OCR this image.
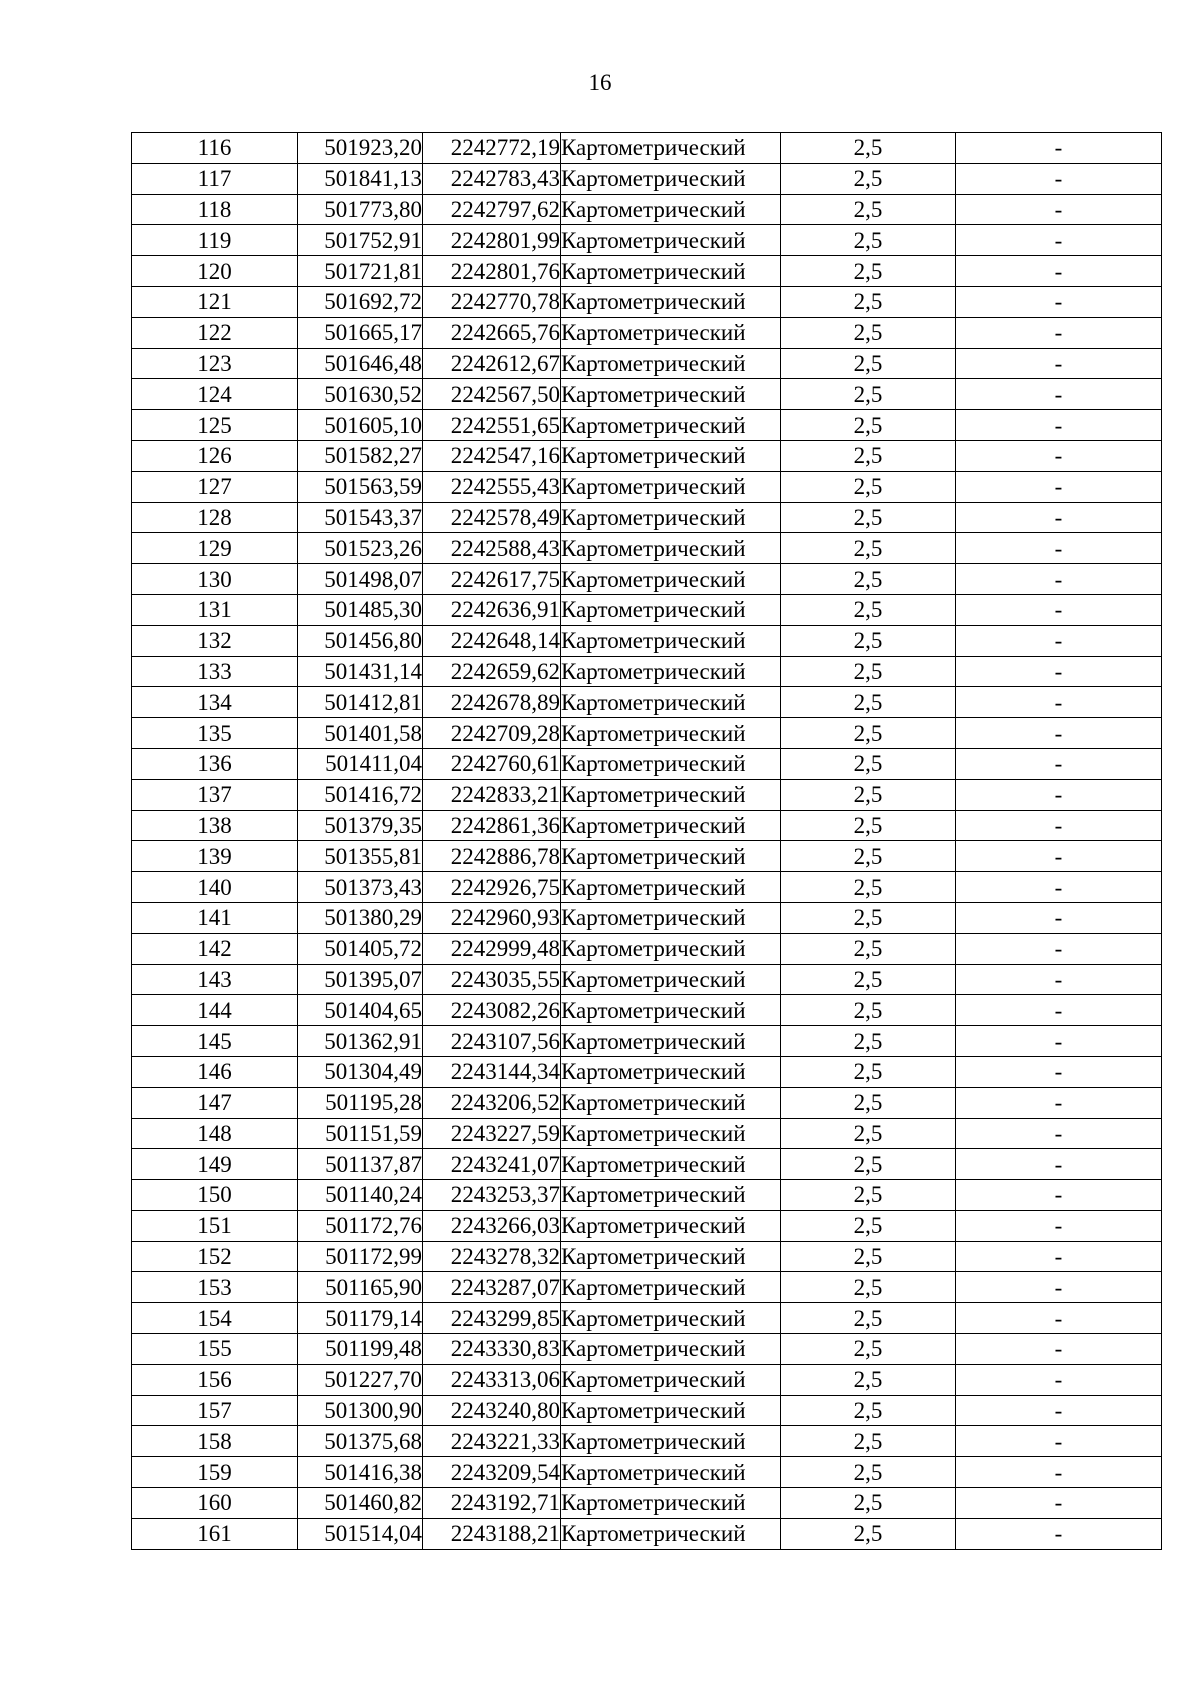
16
116	501923,20	2242772,19	Картометрический	2,5	-
117	501841,13	2242783,43	Картометрический	2,5	-
118	501773,80	2242797,62	Картометрический	2,5	-
119	501752,91	2242801,99	Картометрический	2,5	-
120	501721,81	2242801,76	Картометрический	2,5	-
121	501692,72	2242770,78	Картометрический	2,5	-
122	501665,17	2242665,76	Картометрический	2,5	-
123	501646,48	2242612,67	Картометрический	2,5	-
124	501630,52	2242567,50	Картометрический	2,5	-
125	501605,10	2242551,65	Картометрический	2,5	-
126	501582,27	2242547,16	Картометрический	2,5	-
127	501563,59	2242555,43	Картометрический	2,5	-
128	501543,37	2242578,49	Картометрический	2,5	-
129	501523,26	2242588,43	Картометрический	2,5	-
130	501498,07	2242617,75	Картометрический	2,5	-
131	501485,30	2242636,91	Картометрический	2,5	-
132	501456,80	2242648,14	Картометрический	2,5	-
133	501431,14	2242659,62	Картометрический	2,5	-
134	501412,81	2242678,89	Картометрический	2,5	-
135	501401,58	2242709,28	Картометрический	2,5	-
136	501411,04	2242760,61	Картометрический	2,5	-
137	501416,72	2242833,21	Картометрический	2,5	-
138	501379,35	2242861,36	Картометрический	2,5	-
139	501355,81	2242886,78	Картометрический	2,5	-
140	501373,43	2242926,75	Картометрический	2,5	-
141	501380,29	2242960,93	Картометрический	2,5	-
142	501405,72	2242999,48	Картометрический	2,5	-
143	501395,07	2243035,55	Картометрический	2,5	-
144	501404,65	2243082,26	Картометрический	2,5	-
145	501362,91	2243107,56	Картометрический	2,5	-
146	501304,49	2243144,34	Картометрический	2,5	-
147	501195,28	2243206,52	Картометрический	2,5	-
148	501151,59	2243227,59	Картометрический	2,5	-
149	501137,87	2243241,07	Картометрический	2,5	-
150	501140,24	2243253,37	Картометрический	2,5	-
151	501172,76	2243266,03	Картометрический	2,5	-
152	501172,99	2243278,32	Картометрический	2,5	-
153	501165,90	2243287,07	Картометрический	2,5	-
154	501179,14	2243299,85	Картометрический	2,5	-
155	501199,48	2243330,83	Картометрический	2,5	-
156	501227,70	2243313,06	Картометрический	2,5	-
157	501300,90	2243240,80	Картометрический	2,5	-
158	501375,68	2243221,33	Картометрический	2,5	-
159	501416,38	2243209,54	Картометрический	2,5	-
160	501460,82	2243192,71	Картометрический	2,5	-
161	501514,04	2243188,21	Картометрический	2,5	-
